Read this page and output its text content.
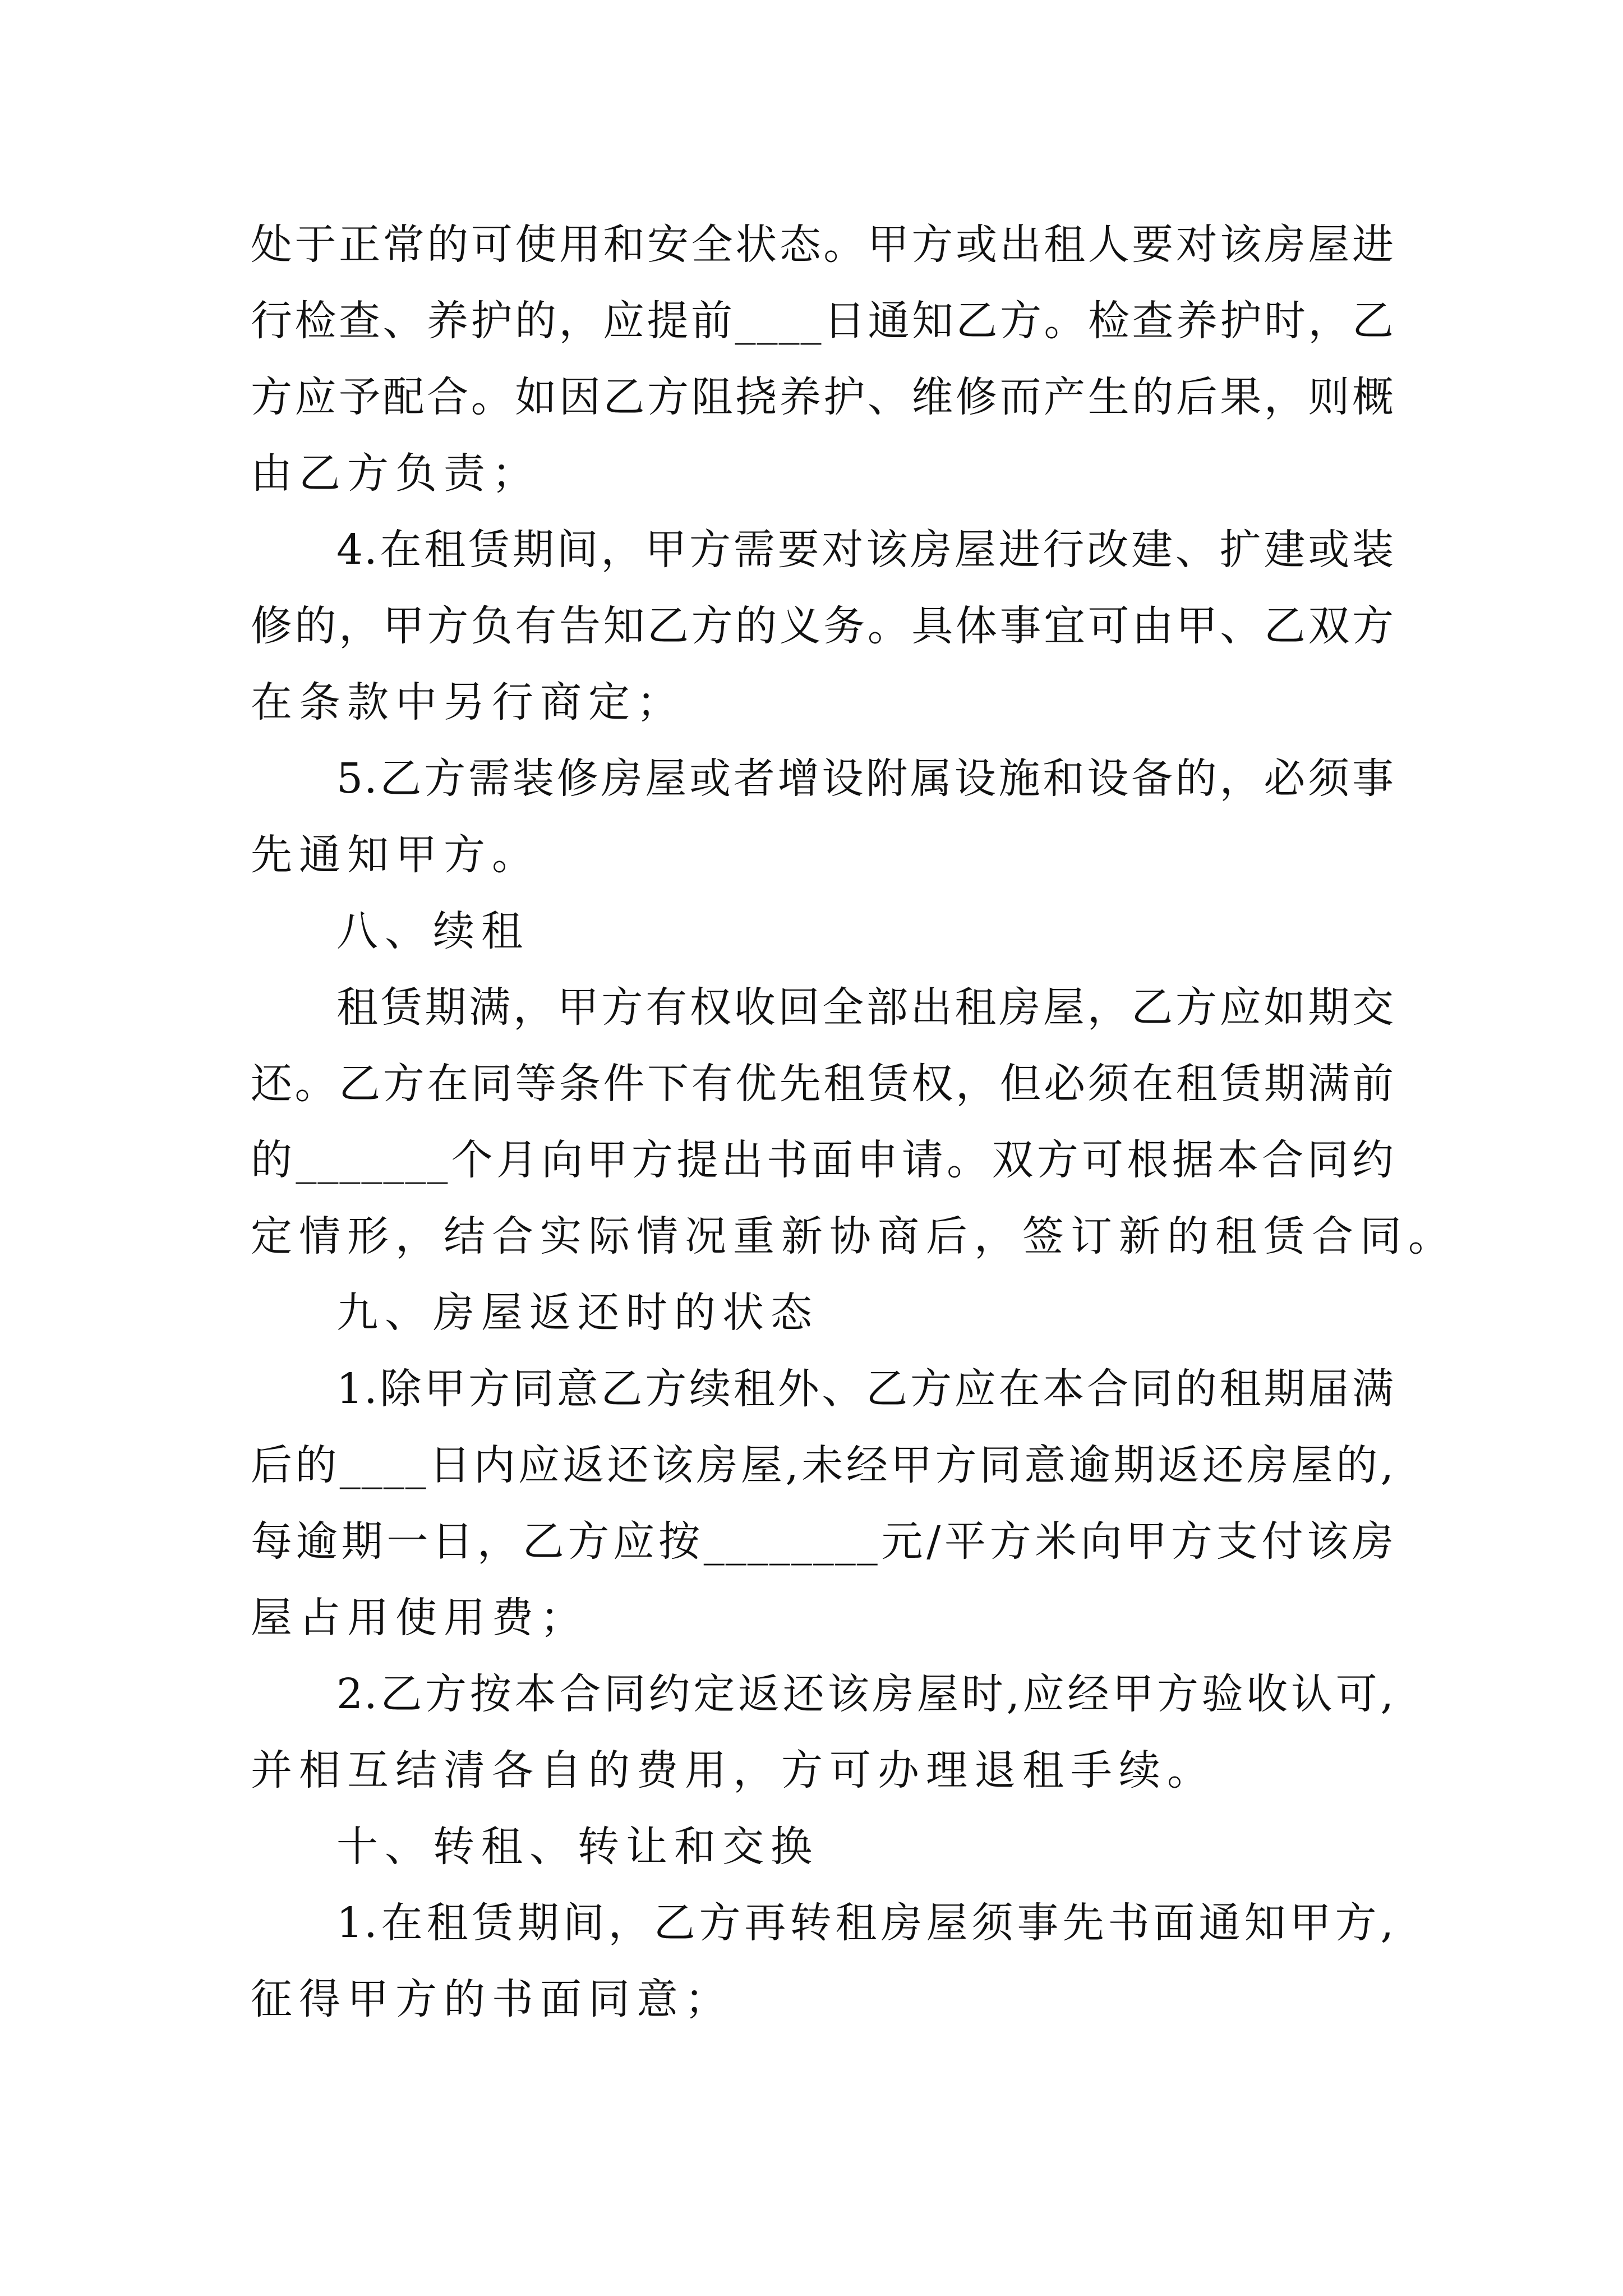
处于正常的可使用和安全状态。甲方或出租人要对该房屋进
行检查、养护的，应提前____日通知乙方。检查养护时，乙
方应予配合。如因乙方阻挠养护、维修而产生的后果，则概
由乙方负责；
4.在租赁期间，甲方需要对该房屋进行改建、扩建或装
修的，甲方负有告知乙方的义务。具体事宜可由甲、乙双方
在条款中另行商定；
5.乙方需装修房屋或者增设附属设施和设备的，必须事
先通知甲方。
八、续租
租赁期满，甲方有权收回全部出租房屋，乙方应如期交
还。乙方在同等条件下有优先租赁权，但必须在租赁期满前
的_______个月向甲方提出书面申请。双方可根据本合同约
定情形，结合实际情况重新协商后，签订新的租赁合同。
九、房屋返还时的状态
1.除甲方同意乙方续租外、乙方应在本合同的租期届满
后的____日内应返还该房屋,未经甲方同意逾期返还房屋的,
每逾期一日，乙方应按________元/平方米向甲方支付该房
屋占用使用费；
2.乙方按本合同约定返还该房屋时,应经甲方验收认可,
并相互结清各自的费用，方可办理退租手续。
十、转租、转让和交换
1.在租赁期间，乙方再转租房屋须事先书面通知甲方,
征得甲方的书面同意；
